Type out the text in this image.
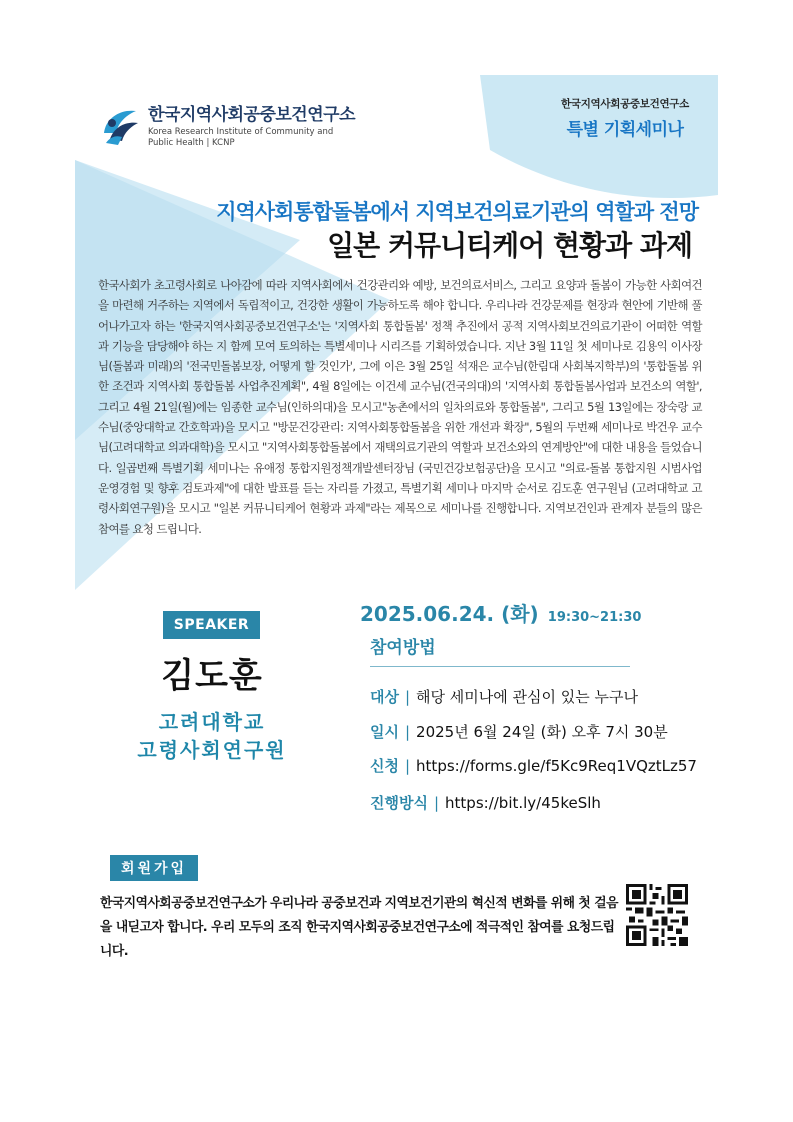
한국지역사회공중보건연구소
Korea Research Institute of Community and
Public Health | KCNP
한국지역사회공중보건연구소
특별 기획세미나
지역사회통합돌봄에서 지역보건의료기관의 역할과 전망
일본 커뮤니티케어 현황과 과제
한국사회가 초고령사회로 나아감에 따라 지역사회에서 건강관리와 예방, 보건의료서비스, 그리고 요양과 돌봄이 가능한 사회여건을 마련해 거주하는 지역에서 독립적이고, 건강한 생활이 가능하도록 해야 합니다. 우리나라 건강문제를 현장과 현안에 기반해 풀어나가고자 하는 '한국지역사회공중보건연구소'는 '지역사회 통합돌봄' 정책 추진에서 공적 지역사회보건의료기관이 어떠한 역할과 기능을 담당해야 하는 지 함께 모여 토의하는 특별세미나 시리즈를 기획하였습니다. 지난 3월 11일 첫 세미나로 김용익 이사장님(돌봄과 미래)의 '전국민돌봄보장, 어떻게 할 것인가', 그에 이은 3월 25일 석재은 교수님(한림대 사회복지학부)의 '통합돌봄 위한 조건과 지역사회 통합돌봄 사업추진계획", 4월 8일에는 이건세 교수님(건국의대)의 '지역사회 통합돌봄사업과 보건소의 역할', 그리고 4월 21일(월)에는 임종한 교수님(인하의대)을 모시고"농촌에서의 일차의료와 통합돌봄", 그리고 5월 13일에는 장숙랑 교수님(중앙대학교 간호학과)을 모시고 "방문건강관리: 지역사회통합돌봄을 위한 개선과 확장", 5월의 두번째 세미나로 박건우 교수님(고려대학교 의과대학)을 모시고 "지역사회통합돌봄에서 재택의료기관의 역할과 보건소와의 연계방안"에 대한 내용을 들었습니다. 일곱번째 특별기획 세미나는 유애정 통합지원정책개발센터장님 (국민건강보험공단)을 모시고 "의료-돌봄 통합지원 시범사업 운영경험 및 향후 검토과제"에 대한 발표를 듣는 자리를 가졌고, 특별기획 세미나 마지막 순서로 김도훈 연구원님 (고려대학교 고령사회연구원)을 모시고 "일본 커뮤니티케어 현황과 과제"라는 제목으로 세미나를 진행합니다. 지역보건인과 관계자 분들의 많은 참여를 요청 드립니다.
SPEAKER
김도훈
고려대학교
고령사회연구원
2025.06.24. (화) 19:30~21:30
참여방법
대상 | 해당 세미나에 관심이 있는 누구나
일시 | 2025년 6월 24일 (화) 오후 7시 30분
신청 | https://forms.gle/f5Kc9Req1VQztLz57
진행방식 | https://bit.ly/45keSlh
회원가입
한국지역사회공중보건연구소가 우리나라 공중보건과 지역보건기관의 혁신적 변화를 위해 첫 걸음을 내딛고자 합니다. 우리 모두의 조직 한국지역사회공중보건연구소에 적극적인 참여를 요청드립니다.
